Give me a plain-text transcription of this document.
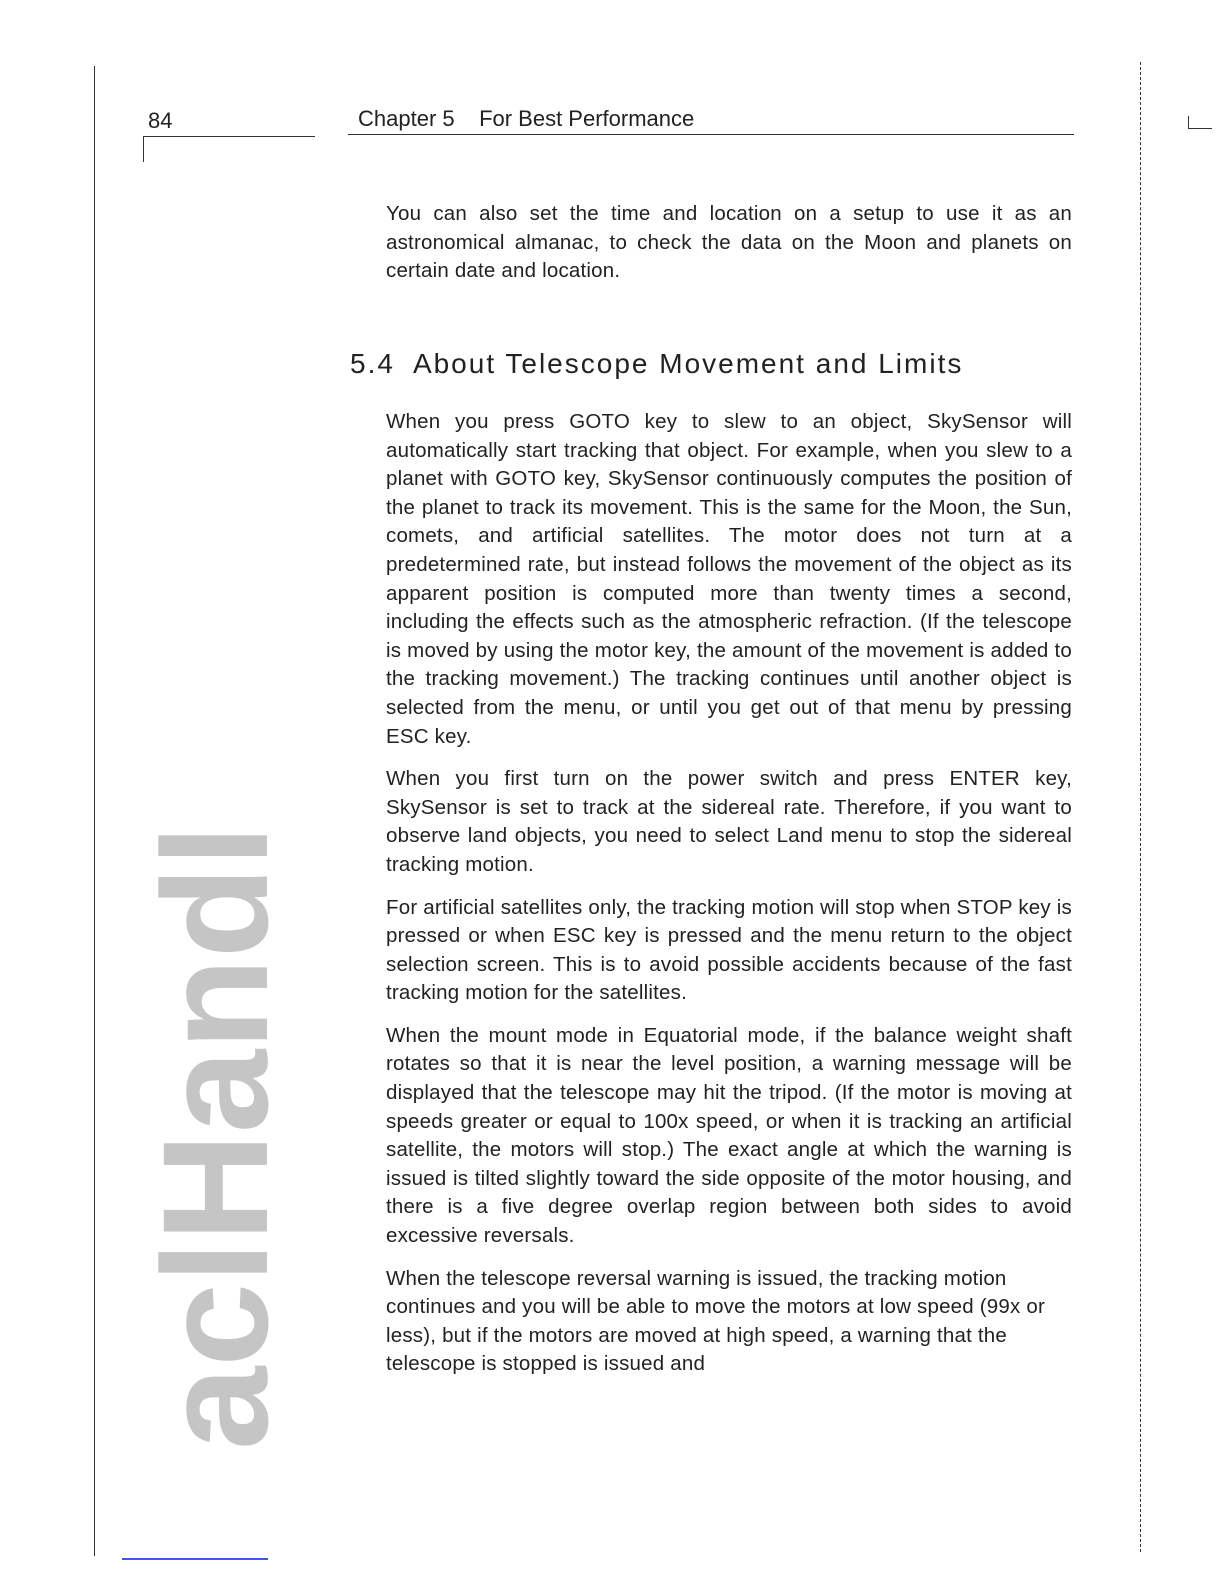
84	Chapter 5    For Best Performance

You can also set the time and location on a setup to use it as an astronomical almanac, to check the data on the Moon and planets on certain date and location.

5.4  About Telescope Movement and Limits

When you press GOTO key to slew to an object, SkySensor will automatically start tracking that object. For example, when you slew to a planet with GOTO key, SkySensor continuously computes the position of the planet to track its movement. This is the same for the Moon, the Sun, comets, and artificial satellites. The motor does not turn at a predetermined rate, but instead follows the movement of the object as its apparent position is computed more than twenty times a second, including the effects such as the atmospheric refraction. (If the telescope is moved by using the motor key, the amount of the movement is added to the tracking movement.) The tracking continues until another object is selected from the menu, or until you get out of that menu by pressing ESC key.

When you first turn on the power switch and press ENTER key, SkySensor is set to track at the sidereal rate. Therefore, if you want to observe land objects, you need to select Land menu to stop the sidereal tracking motion.

For artificial satellites only, the tracking motion will stop when STOP key is pressed or when ESC key is pressed and the menu return to the object selection screen. This is to avoid possible accidents because of the fast tracking motion for the satellites.

When the mount mode in Equatorial mode, if the balance weight shaft rotates so that it is near the level position, a warning message will be displayed that the telescope may hit the tripod. (If the motor is moving at speeds greater or equal to 100x speed, or when it is tracking an artificial satellite, the motors will stop.) The exact angle at which the warning is issued is tilted slightly toward the side opposite of the motor housing, and there is a five degree overlap region between both sides to avoid excessive reversals.

When the telescope reversal warning is issued, the tracking motion continues and you will be able to move the motors at low speed (99x or less), but if the motors are moved at high speed, a warning that the telescope is stopped is issued and

aclHandl
